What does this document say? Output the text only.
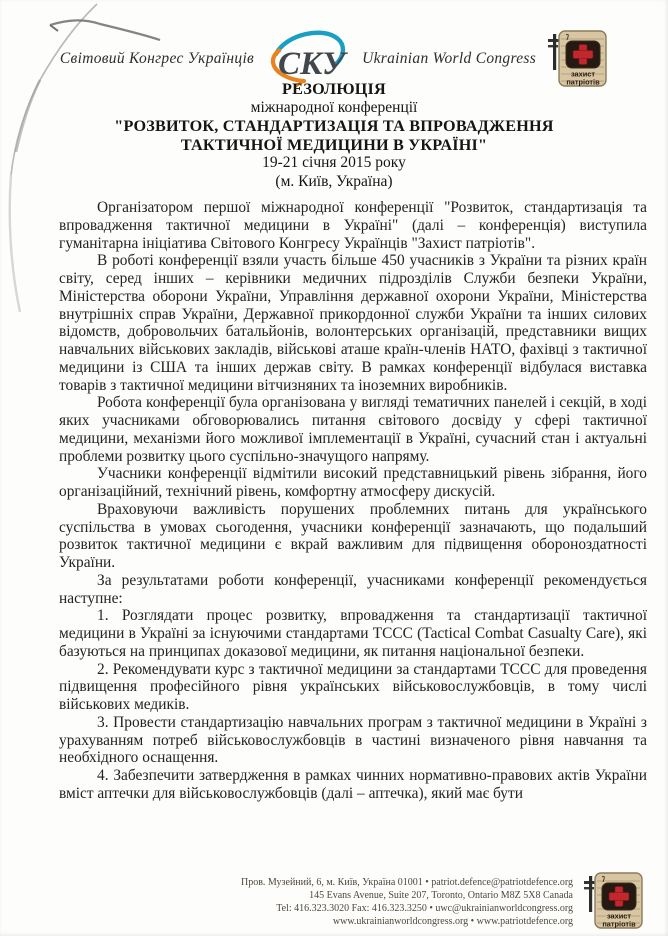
Світовий Конгрес Українців СКУ Ukrainian World Congress
захист
патріотів
РЕЗОЛЮЦІЯ
міжнародної конференції
"РОЗВИТОК, СТАНДАРТИЗАЦІЯ ТА ВПРОВАДЖЕННЯ
ТАКТИЧНОЇ МЕДИЦИНИ В УКРАЇНІ"
19-21 січня 2015 року
(м. Київ, Україна)

Організатором першої міжнародної конференції "Розвиток, стандартизація та впровадження тактичної медицини в Україні" (далі – конференція) виступила гуманітарна ініціатива Світового Конгресу Українців "Захист патріотів".

В роботі конференції взяли участь більше 450 учасників з України та різних країн світу, серед інших – керівники медичних підрозділів Служби безпеки України, Міністерства оборони України, Управління державної охорони України, Міністерства внутрішніх справ України, Державної прикордонної служби України та інших силових відомств, добровольчих батальйонів, волонтерських організацій, представники вищих навчальних військових закладів, військові аташе країн-членів НАТО, фахівці з тактичної медицини із США та інших держав світу. В рамках конференції відбулася виставка товарів з тактичної медицини вітчизняних та іноземних виробників.

Робота конференції була організована у вигляді тематичних панелей і секцій, в ході яких учасниками обговорювались питання світового досвіду у сфері тактичної медицини, механізми його можливої імплементації в Україні, сучасний стан і актуальні проблеми розвитку цього суспільно-значущого напряму.

Учасники конференції відмітили високий представницький рівень зібрання, його організаційний, технічний рівень, комфортну атмосферу дискусій.

Враховуючи важливість порушених проблемних питань для українського суспільства в умовах сьогодення, учасники конференції зазначають, що подальший розвиток тактичної медицини є вкрай важливим для підвищення обороноздатності України.

За результатами роботи конференції, учасниками конференції рекомендується наступне:

1. Розглядати процес розвитку, впровадження та стандартизації тактичної медицини в Україні за існуючими стандартами ТССС (Tactical Combat Casualty Care), які базуються на принципах доказової медицини, як питання національної безпеки.

2. Рекомендувати курс з тактичної медицини за стандартами ТССС для проведення підвищення професійного рівня українських військовослужбовців, в тому числі військових медиків.

3. Провести стандартизацію навчальних програм з тактичної медицини в Україні з урахуванням потреб військовослужбовців в частині визначеного рівня навчання та необхідного оснащення.

4. Забезпечити затвердження в рамках чинних нормативно-правових актів України вміст аптечки для військовослужбовців (далі – аптечка), який має бути

Пров. Музейний, 6, м. Київ, Україна 01001 • patriot.defence@patriotdefence.org
145 Evans Avenue, Suite 207, Toronto, Ontario M8Z 5X8 Canada
Tel: 416.323.3020 Fax: 416.323.3250 • uwc@ukrainianworldcongress.org
www.ukrainianworldcongress.org • www.patriotdefence.org	захист
патріотів
